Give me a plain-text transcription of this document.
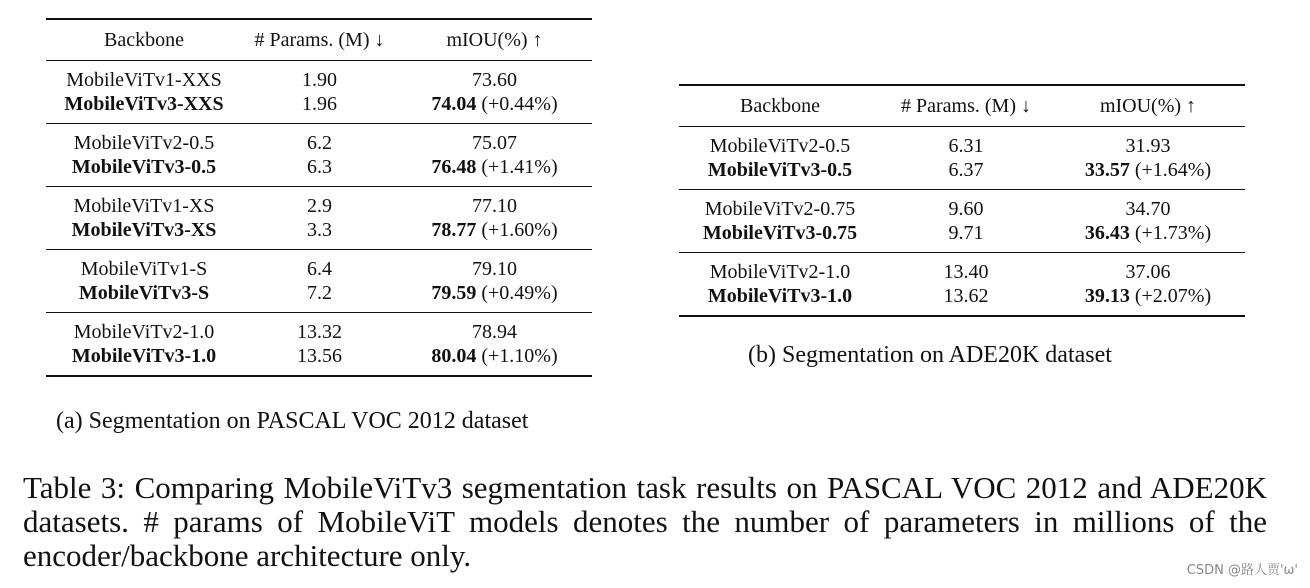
Backbone	# Params. (M) ↓	mIOU(%) ↑
MobileViTv1-XXS	1.90	73.60
MobileViTv3-XXS	1.96	74.04 (+0.44%)
MobileViTv2-0.5	6.2	75.07
MobileViTv3-0.5	6.3	76.48 (+1.41%)
MobileViTv1-XS	2.9	77.10
MobileViTv3-XS	3.3	78.77 (+1.60%)
MobileViTv1-S	6.4	79.10
MobileViTv3-S	7.2	79.59 (+0.49%)
MobileViTv2-1.0	13.32	78.94
MobileViTv3-1.0	13.56	80.04 (+1.10%)
(a) Segmentation on PASCAL VOC 2012 dataset
Backbone	# Params. (M) ↓	mIOU(%) ↑
MobileViTv2-0.5	6.31	31.93
MobileViTv3-0.5	6.37	33.57 (+1.64%)
MobileViTv2-0.75	9.60	34.70
MobileViTv3-0.75	9.71	36.43 (+1.73%)
MobileViTv2-1.0	13.40	37.06
MobileViTv3-1.0	13.62	39.13 (+2.07%)
(b) Segmentation on ADE20K dataset
Table 3: Comparing MobileViTv3 segmentation task results on PASCAL VOC 2012 and ADE20K datasets. # params of MobileViT models denotes the number of parameters in millions of the encoder/backbone architecture only.	CSDN @路人贾'ω'
